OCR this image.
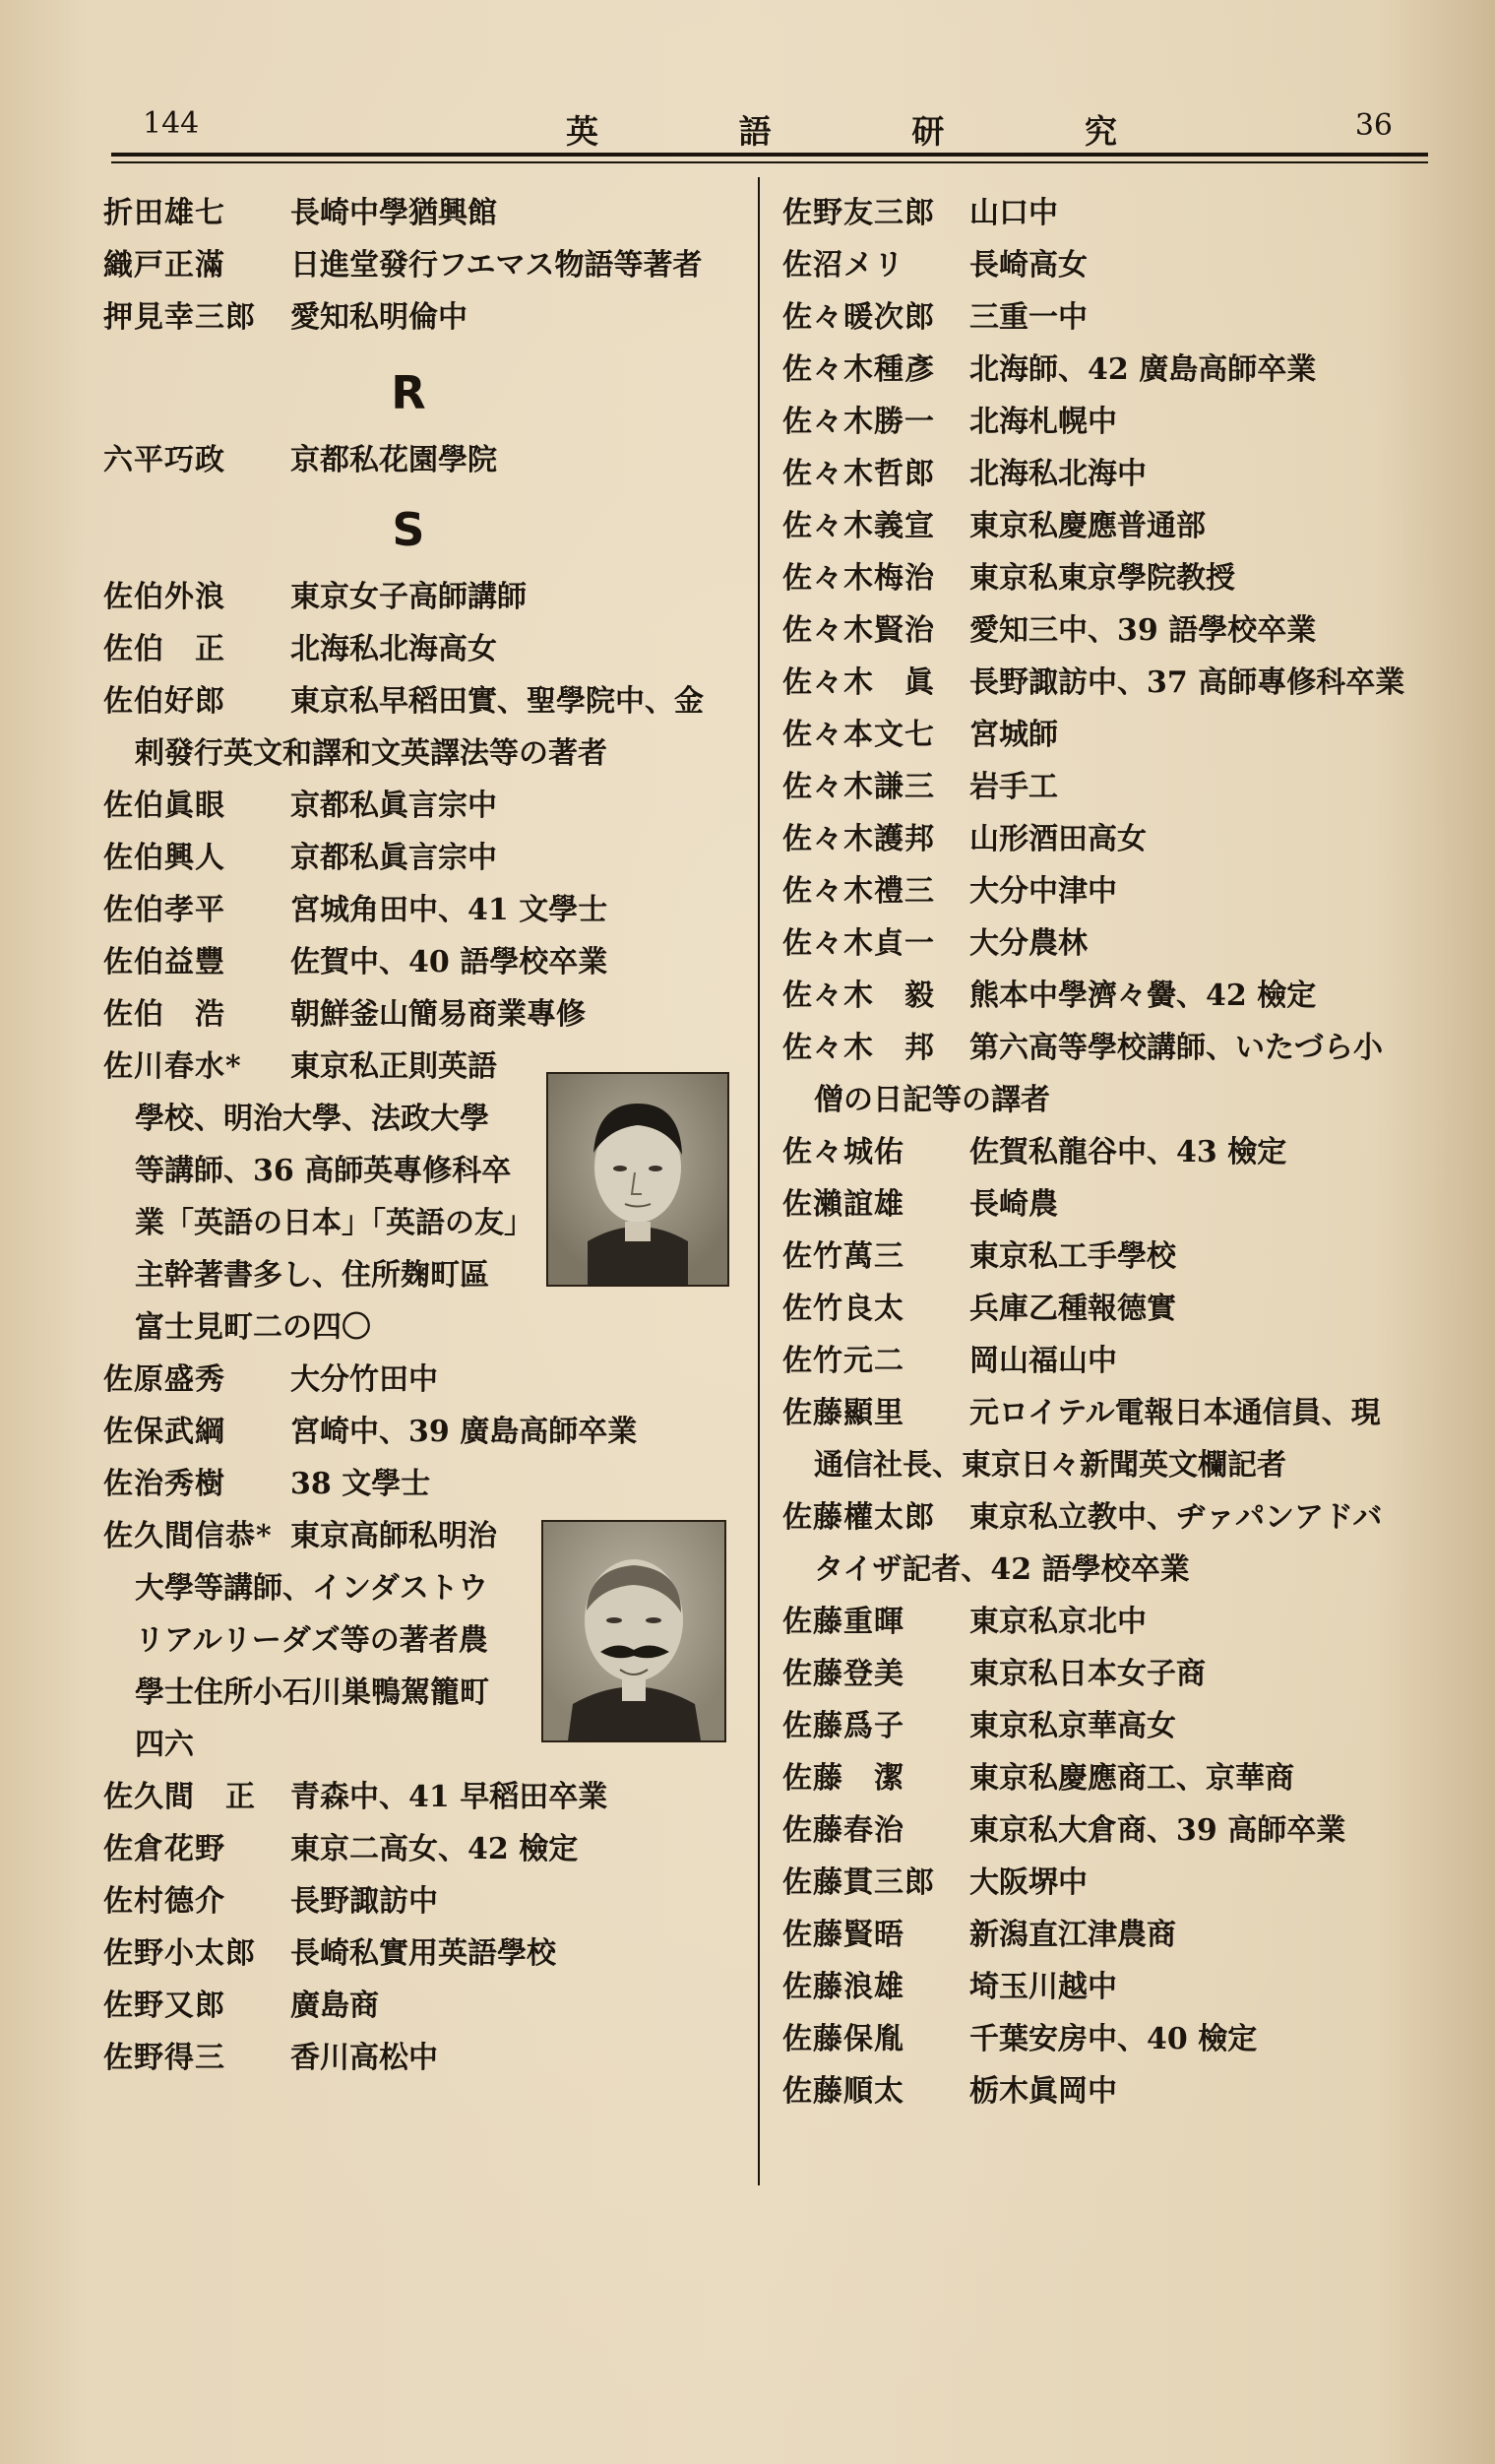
144	英	語	研	究	36
折田雄七 長崎中學猶興館
織戸正滿 日進堂發行フエマス物語等著者
押見幸三郎 愛知私明倫中
R
六平巧政 京都私花園學院
S
佐伯外浪 東京女子高師講師
佐伯　正 北海私北海高女
佐伯好郎 東京私早稻田實、聖學院中、金
剌發行英文和譯和文英譯法等の著者
佐伯眞眼 京都私眞言宗中
佐伯興人 京都私眞言宗中
佐伯孝平 宮城角田中、41 文學士
佐伯益豐 佐賀中、40 語學校卒業
佐伯　浩 朝鮮釜山簡易商業專修
佐川春水* 東京私正則英語
學校、明治大學、法政大學
等講師、36 高師英專修科卒
業「英語の日本」「英語の友」
主幹著書多し、住所麹町區
富士見町二の四〇
佐原盛秀 大分竹田中
佐保武綱 宮崎中、39 廣島高師卒業
佐治秀樹 38 文學士
佐久間信恭* 東京高師私明治
大學等講師、インダストウ
リアルリーダズ等の著者農
學士住所小石川巣鴨駕籠町
四六
佐久間　正 青森中、41 早稻田卒業
佐倉花野 東京二高女、42 檢定
佐村德介 長野諏訪中
佐野小太郎 長崎私實用英語學校
佐野又郎 廣島商
佐野得三 香川高松中
佐野友三郎 山口中
佐沼メリ 長崎高女
佐々暖次郎 三重一中
佐々木種彥 北海師、42 廣島高師卒業
佐々木勝一 北海札幌中
佐々木哲郎 北海私北海中
佐々木義宣 東京私慶應普通部
佐々木梅治 東京私東京學院教授
佐々木賢治 愛知三中、39 語學校卒業
佐々木　眞 長野諏訪中、37 高師專修科卒業
佐々本文七 宮城師
佐々木謙三 岩手工
佐々木護邦 山形酒田高女
佐々木禮三 大分中津中
佐々木貞一 大分農林
佐々木　毅 熊本中學濟々黌、42 檢定
佐々木　邦 第六高等學校講師、いたづら小
僧の日記等の譯者
佐々城佑 佐賀私龍谷中、43 檢定
佐瀨誼雄 長崎農
佐竹萬三 東京私工手學校
佐竹良太 兵庫乙種報德實
佐竹元二 岡山福山中
佐藤顯里 元ロイテル電報日本通信員、現
通信社長、東京日々新聞英文欄記者
佐藤權太郎 東京私立教中、ヂァパンアドバ
タイザ記者、42 語學校卒業
佐藤重暉 東京私京北中
佐藤登美 東京私日本女子商
佐藤爲子 東京私京華高女
佐藤　潔 東京私慶應商工、京華商
佐藤春治 東京私大倉商、39 高師卒業
佐藤貫三郎 大阪堺中
佐藤賢晤 新潟直江津農商
佐藤浪雄 埼玉川越中
佐藤保胤 千葉安房中、40 檢定
佐藤順太 栃木眞岡中
